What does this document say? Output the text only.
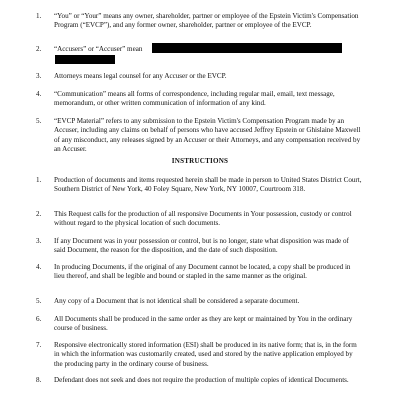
1.	“You” or “Your” means any owner, shareholder, partner or employee of the Epstein Victim's Compensation Program (“EVCP”), and any former owner, shareholder, partner or employee of the EVCP.
2.	“Accusers” or “Accuser” mean
3.	Attorneys means legal counsel for any Accuser or the EVCP.
4.	“Communication” means all forms of correspondence, including regular mail, email, text message, memorandum, or other written communication of information of any kind.
5.	“EVCP Material” refers to any submission to the Epstein Victim's Compensation Program made by an Accuser, including any claims on behalf of persons who have accused Jeffrey Epstein or Ghislaine Maxwell of any misconduct, any releases signed by an Accuser or their Attorneys, and any compensation received by an Accuser.
INSTRUCTIONS
1.	Production of documents and items requested herein shall be made in person to United States District Court, Southern District of New York, 40 Foley Square, New York, NY 10007, Courtroom 318.
2.	This Request calls for the production of all responsive Documents in Your possession, custody or control without regard to the physical location of such documents.
3.	If any Document was in your possession or control, but is no longer, state what disposition was made of said Document, the reason for the disposition, and the date of such disposition.
4.	In producing Documents, if the original of any Document cannot be located, a copy shall be produced in lieu thereof, and shall be legible and bound or stapled in the same manner as the original.
5.	Any copy of a Document that is not identical shall be considered a separate document.
6.	All Documents shall be produced in the same order as they are kept or maintained by You in the ordinary course of business.
7.	Responsive electronically stored information (ESI) shall be produced in its native form; that is, in the form in which the information was customarily created, used and stored by the native application employed by the producing party in the ordinary course of business.
8.	Defendant does not seek and does not require the production of multiple copies of identical Documents.
